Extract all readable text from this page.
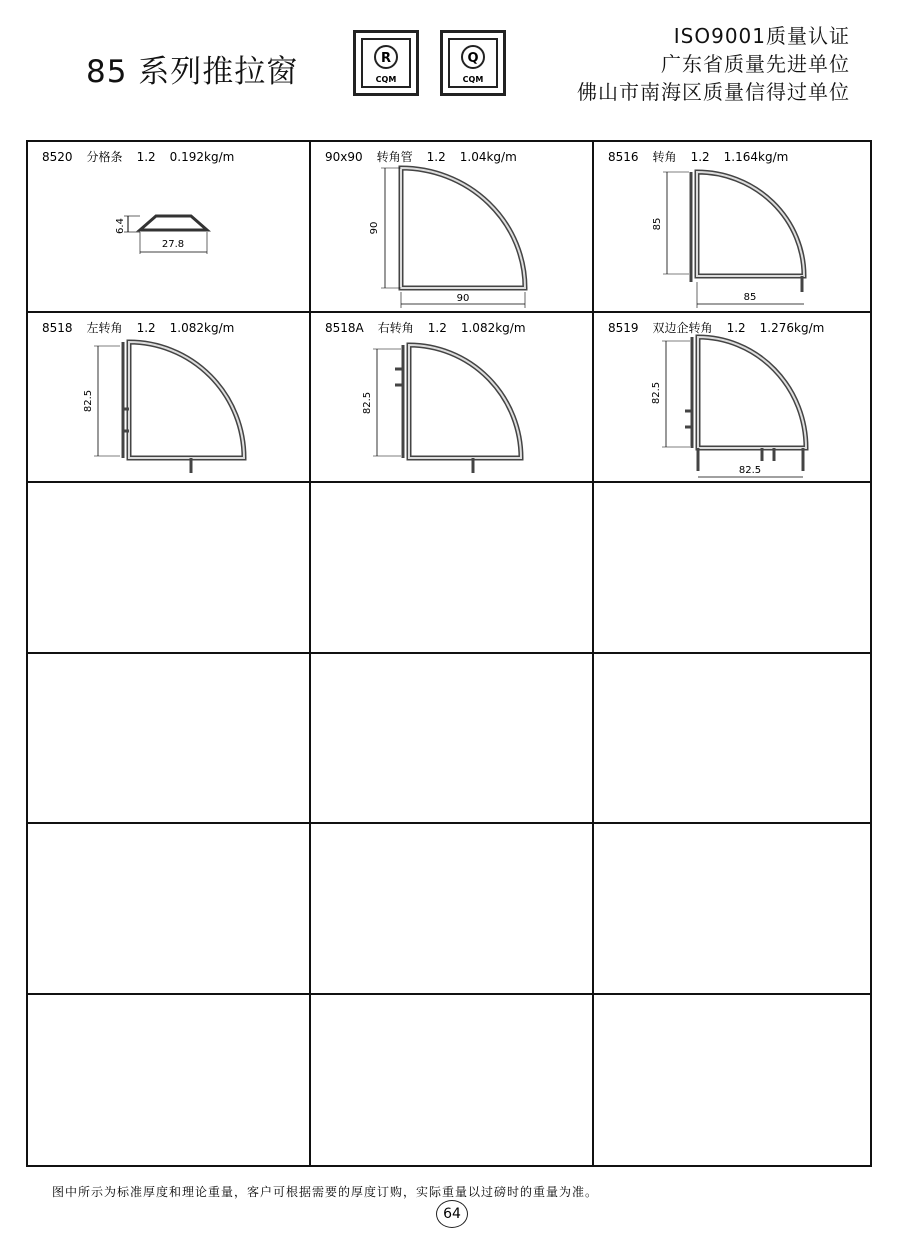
85 系列推拉窗	R
CQM
Q
CQM
ISO9001质量认证
广东省质量先进单位
佛山市南海区质量信得过单位
8520 分格条 1.2 0.192kg/m
6.4
27.8
90x90 转角管 1.2 1.04kg/m
90
90
8516 转角 1.2 1.164kg/m
85
85
8518 左转角 1.2 1.082kg/m
82.5
8518A 右转角 1.2 1.082kg/m
82.5
8519 双边企转角 1.2 1.276kg/m
82.5
82.5
图中所示为标准厚度和理论重量，客户可根据需要的厚度订购，实际重量以过磅时的重量为准。
64
